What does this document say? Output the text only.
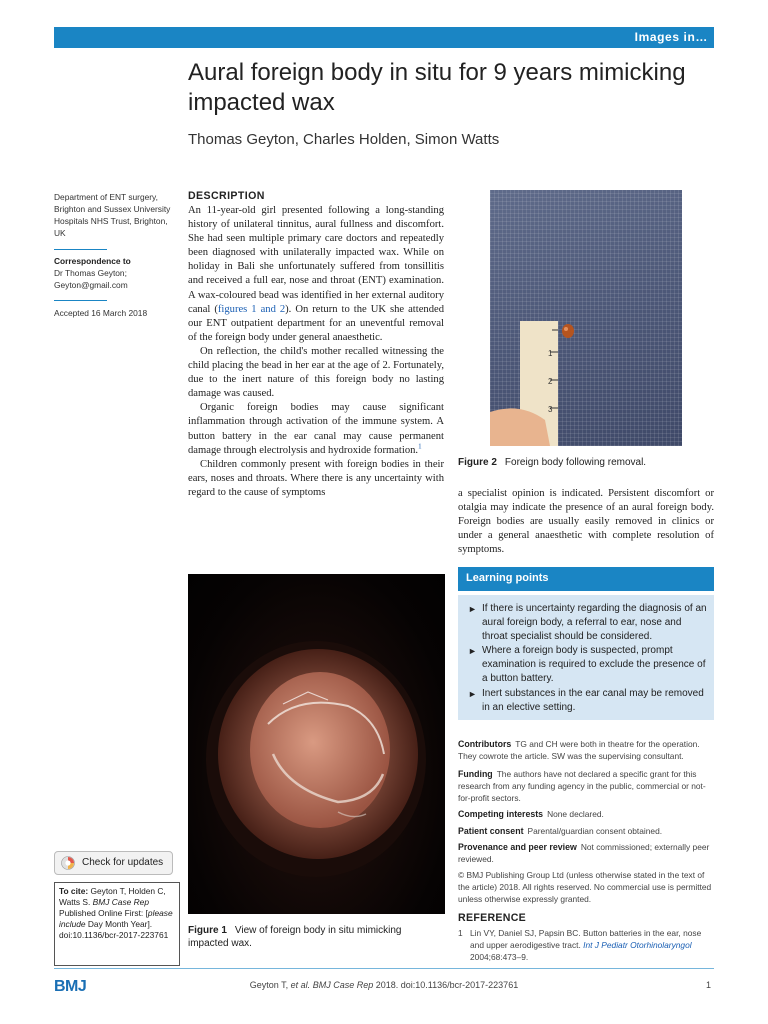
Images in…
Aural foreign body in situ for 9 years mimicking
impacted wax
Thomas Geyton, Charles Holden, Simon Watts
Department of ENT surgery,
Brighton and Sussex University
Hospitals NHS Trust, Brighton,
UK
Correspondence to
Dr Thomas Geyton;
Geyton@gmail.com
Accepted 16 March 2018
DESCRIPTION

An 11-year-old girl presented following a long-standing history of unilateral tinnitus, aural fullness and discomfort. She had seen multiple primary care doctors and repeatedly been diagnosed with unilaterally impacted wax. While on holiday in Bali she unfortunately suffered from tonsillitis and received a full ear, nose and throat (ENT) examination. A wax-coloured bead was identified in her external auditory canal (figures 1 and 2). On return to the UK she attended our ENT outpatient department for an uneventful removal of the foreign body under general anaesthetic.

On reflection, the child's mother recalled witnessing the child placing the bead in her ear at the age of 2. Fortunately, due to the inert nature of this foreign body no lasting damage was caused.

Organic foreign bodies may cause significant inflammation through activation of the immune system. A button battery in the ear canal may cause permanent damage through electrolysis and hydroxide formation.$^1$

Children commonly present with foreign bodies in their ears, noses and throats. Where there is any uncertainty with regard to the cause of symptoms

Figure 1 View of foreign body in situ mimicking impacted wax.
1
2
3
Figure 2 Foreign body following removal.

a specialist opinion is indicated. Persistent discomfort or otalgia may indicate the presence of an aural foreign body. Foreign bodies are usually easily removed in clinics or under a general anaesthetic with complete resolution of symptoms.

Learning points
► If there is uncertainty regarding the diagnosis of an aural foreign body, a referral to ear, nose and throat specialist should be considered.
► Where a foreign body is suspected, prompt examination is required to exclude the presence of a button battery.
► Inert substances in the ear canal may be removed in an elective setting.
Contributors TG and CH were both in theatre for the operation. They cowrote the article. SW was the supervising consultant.
Funding The authors have not declared a specific grant for this research from any funding agency in the public, commercial or not-for-profit sectors.
Competing interests None declared.
Patient consent Parental/guardian consent obtained.
Provenance and peer review Not commissioned; externally peer reviewed.
© BMJ Publishing Group Ltd (unless otherwise stated in the text of the article) 2018. All rights reserved. No commercial use is permitted unless otherwise expressly granted.
REFERENCE
1 Lin VY, Daniel SJ, Papsin BC. Button batteries in the ear, nose and upper aerodigestive tract. Int J Pediatr Otorhinolaryngol 2004;68:473–9.
Check for updates
To cite: Geyton T, Holden C, Watts S. BMJ Case Rep Published Online First: [please include Day Month Year]. doi:10.1136/bcr-2017-223761
BMJ	Geyton T, et al. BMJ Case Rep 2018. doi:10.1136/bcr-2017-223761	1
